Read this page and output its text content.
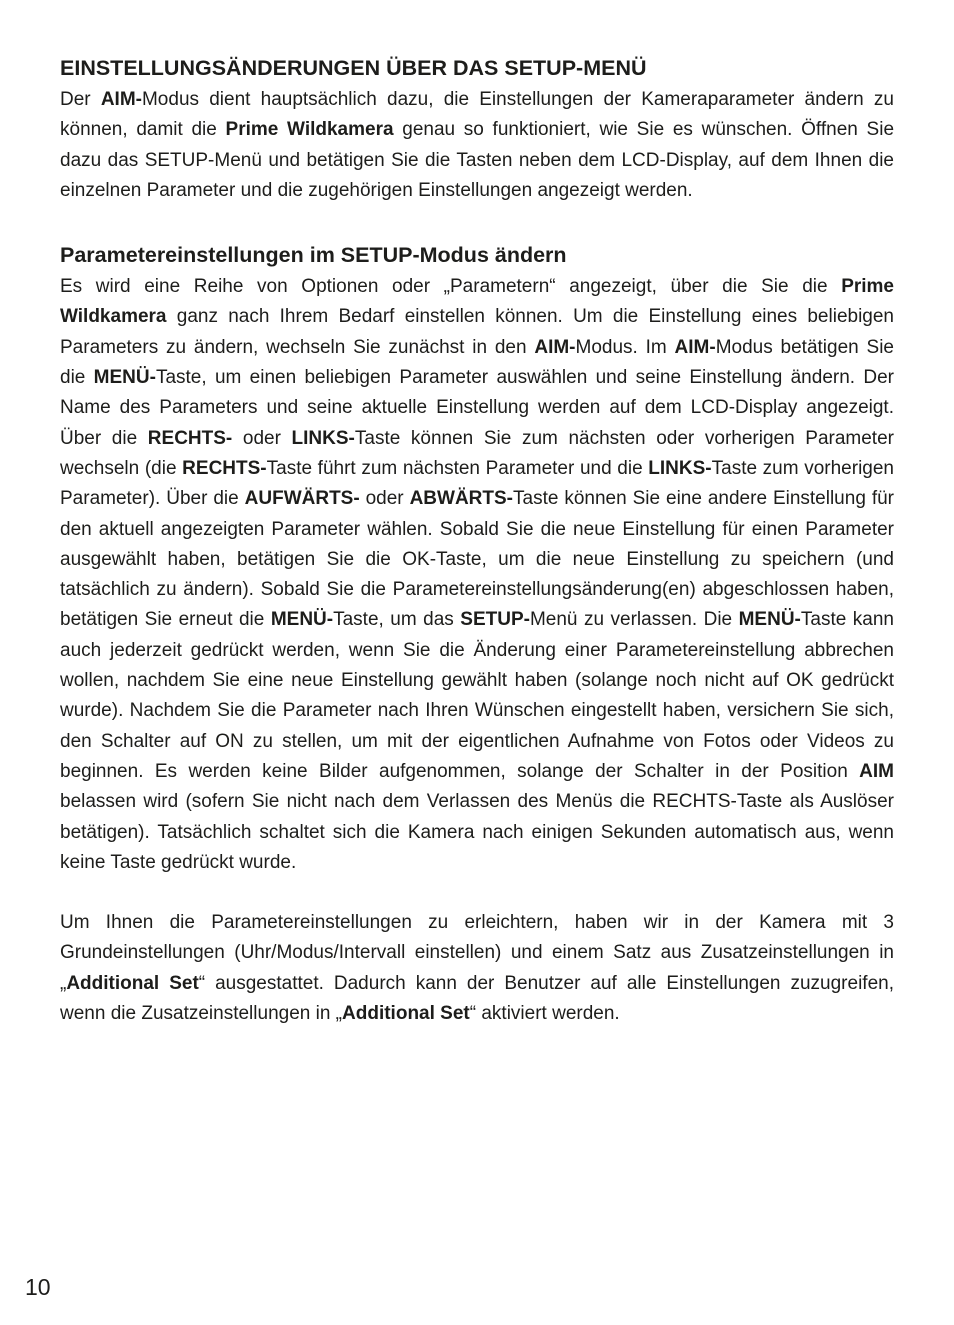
EINSTELLUNGSÄNDERUNGEN ÜBER DAS SETUP-MENÜ

Der AIM-Modus dient hauptsächlich dazu, die Einstellungen der Kameraparameter ändern zu können, damit die Prime Wildkamera genau so funktioniert, wie Sie es wünschen. Öffnen Sie dazu das SETUP-Menü und betätigen Sie die Tasten neben dem LCD-Display, auf dem Ihnen die einzelnen Parameter und die zugehörigen Einstellungen angezeigt werden.

Parametereinstellungen im SETUP-Modus ändern

Es wird eine Reihe von Optionen oder „Parametern“ angezeigt, über die Sie die Prime Wildkamera ganz nach Ihrem Bedarf einstellen können. Um die Einstellung eines beliebigen Parameters zu ändern, wechseln Sie zunächst in den AIM-Modus. Im AIM-Modus betätigen Sie die MENÜ-Taste, um einen beliebigen Parameter auswählen und seine Einstellung ändern. Der Name des Parameters und seine aktuelle Einstellung werden auf dem LCD-Display angezeigt. Über die RECHTS- oder LINKS-Taste können Sie zum nächsten oder vorherigen Parameter wechseln (die RECHTS-Taste führt zum nächsten Parameter und die LINKS-Taste zum vorherigen Parameter). Über die AUFWÄRTS- oder ABWÄRTS-Taste können Sie eine andere Einstellung für den aktuell angezeigten Parameter wählen. Sobald Sie die neue Einstellung für einen Parameter ausgewählt haben, betätigen Sie die OK-Taste, um die neue Einstellung zu speichern (und tatsächlich zu ändern). Sobald Sie die Parametereinstellungsänderung(en) abgeschlossen haben, betätigen Sie erneut die MENÜ-Taste, um das SETUP-Menü zu verlassen. Die MENÜ-Taste kann auch jederzeit gedrückt werden, wenn Sie die Änderung einer Parametereinstellung abbrechen wollen, nachdem Sie eine neue Einstellung gewählt haben (solange noch nicht auf OK gedrückt wurde). Nachdem Sie die Parameter nach Ihren Wünschen eingestellt haben, versichern Sie sich, den Schalter auf ON zu stellen, um mit der eigentlichen Aufnahme von Fotos oder Videos zu beginnen. Es werden keine Bilder aufgenommen, solange der Schalter in der Position AIM belassen wird (sofern Sie nicht nach dem Verlassen des Menüs die RECHTS-Taste als Auslöser betätigen). Tatsächlich schaltet sich die Kamera nach einigen Sekunden automatisch aus, wenn keine Taste gedrückt wurde.

Um Ihnen die Parametereinstellungen zu erleichtern, haben wir in der Kamera mit 3 Grundeinstellungen (Uhr/Modus/Intervall einstellen) und einem Satz aus Zusatzeinstellungen in „Additional Set“ ausgestattet. Dadurch kann der Benutzer auf alle Einstellungen zuzugreifen, wenn die Zusatzeinstellungen in „Additional Set“ aktiviert werden.

10
